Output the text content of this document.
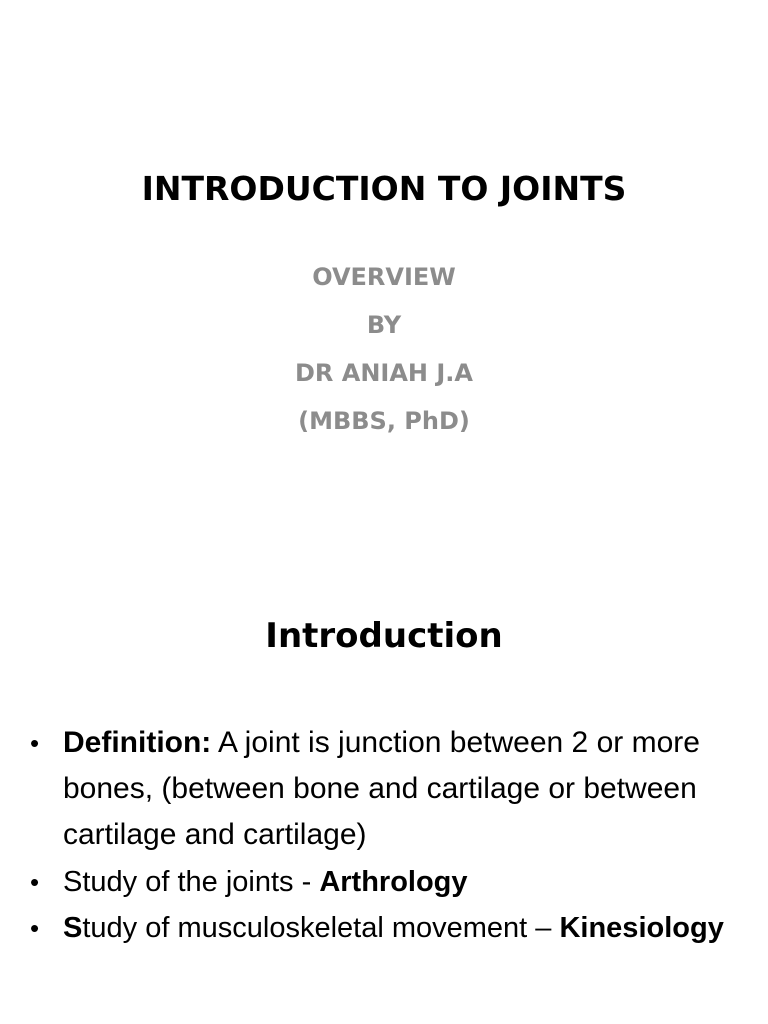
INTRODUCTION TO JOINTS
OVERVIEW
BY
DR ANIAH J.A
(MBBS, PhD)
Introduction
• Definition: A joint is junction between 2 or more bones, (between bone and cartilage or between cartilage and cartilage)
• Study of the joints - Arthrology
• Study of musculoskeletal movement – Kinesiology
